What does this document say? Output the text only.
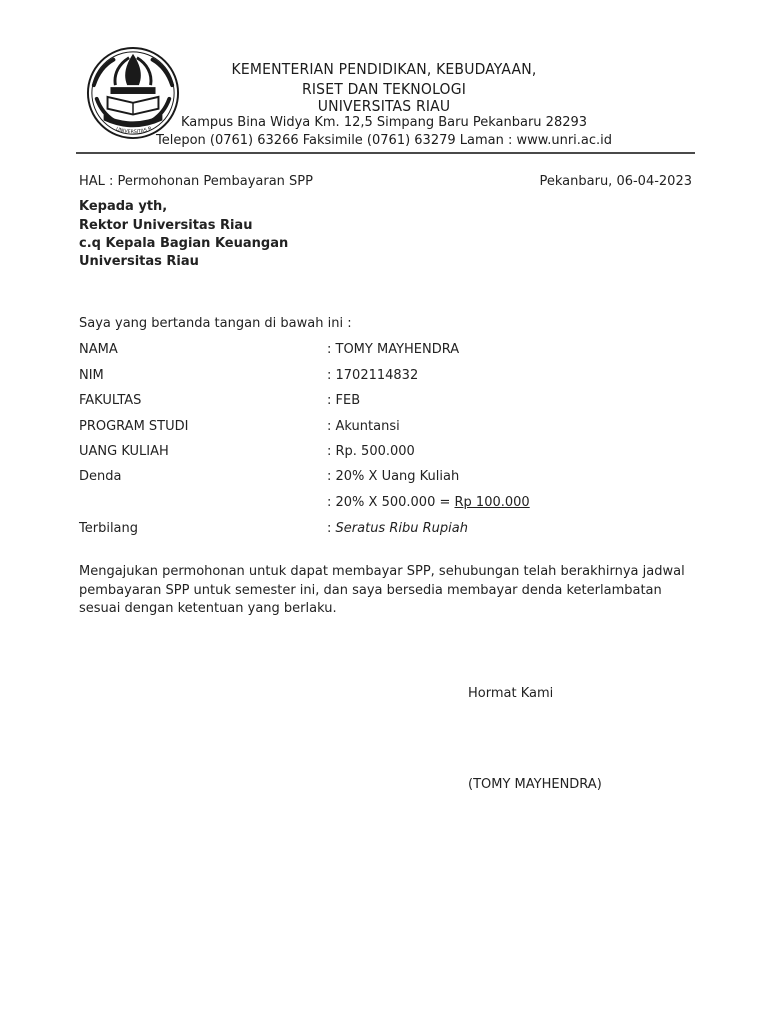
UNIVERSITAS R
KEMENTERIAN PENDIDIKAN, KEBUDAYAAN,
RISET DAN TEKNOLOGI
UNIVERSITAS RIAU
Kampus Bina Widya Km. 12,5 Simpang Baru Pekanbaru 28293
Telepon (0761) 63266 Faksimile (0761) 63279 Laman : www.unri.ac.id
HAL : Permohonan Pembayaran SPP	Pekanbaru, 06-04-2023
Kepada yth,
Rektor Universitas Riau
c.q Kepala Bagian Keuangan
Universitas Riau
Saya yang bertanda tangan di bawah ini :
NAMA	: TOMY MAYHENDRA
NIM	: 1702114832
FAKULTAS	: FEB
PROGRAM STUDI	: Akuntansi
UANG KULIAH	: Rp. 500.000
Denda	: 20% X Uang Kuliah
: 20% X 500.000 = Rp 100.000
Terbilang	: Seratus Ribu Rupiah
Mengajukan permohonan untuk dapat membayar SPP, sehubungan telah berakhirnya jadwal pembayaran SPP untuk semester ini, dan saya bersedia membayar denda keterlambatan sesuai dengan ketentuan yang berlaku.
Hormat Kami
(TOMY MAYHENDRA)
